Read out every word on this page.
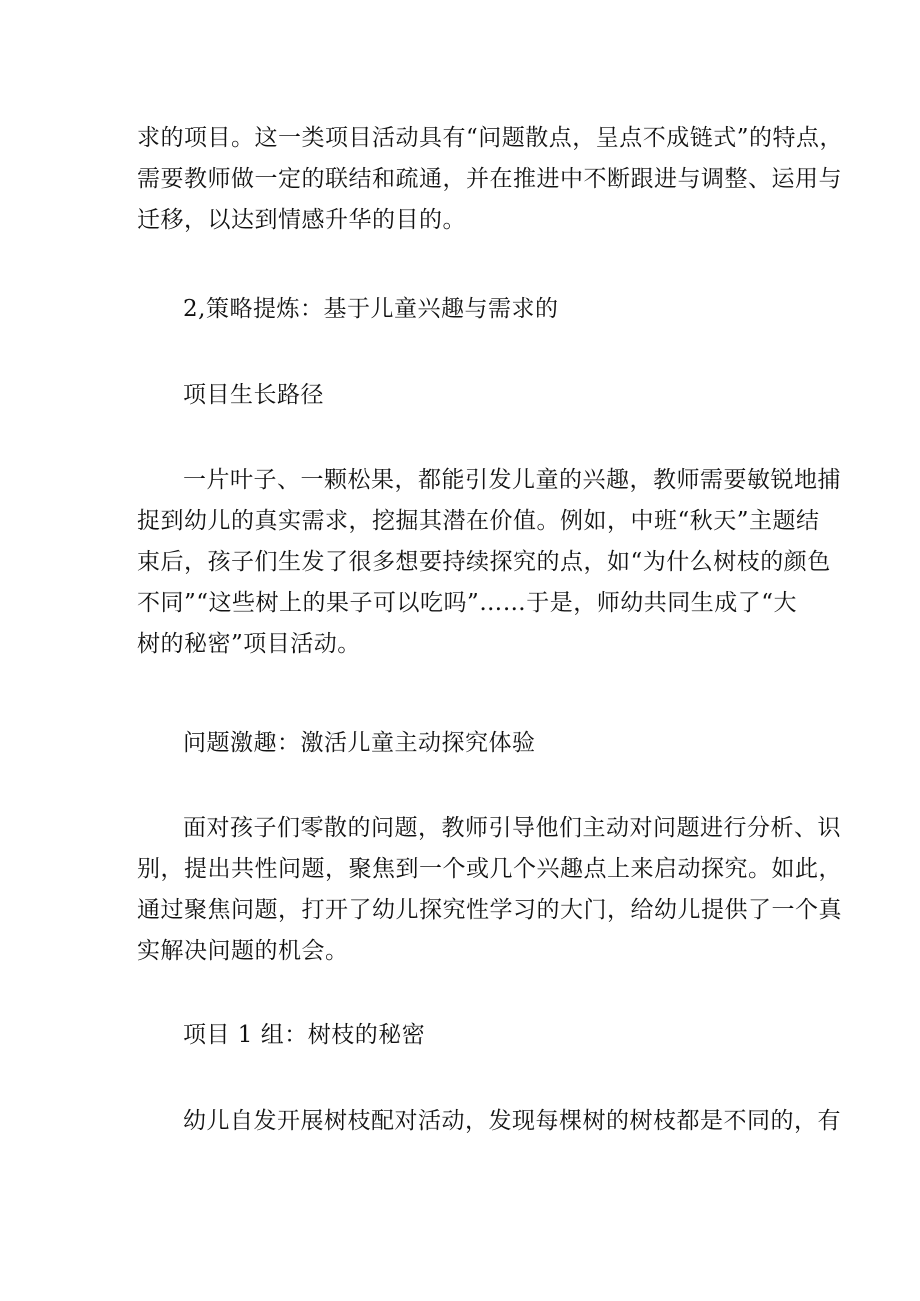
求的项目。这一类项目活动具有“问题散点，呈点不成链式”的特点，
需要教师做一定的联结和疏通，并在推进中不断跟进与调整、运用与
迁移，以达到情感升华的目的。
2,策略提炼：基于儿童兴趣与需求的
项目生长路径
一片叶子、一颗松果，都能引发儿童的兴趣，教师需要敏锐地捕
捉到幼儿的真实需求，挖掘其潜在价值。例如，中班“秋天”主题结
束后，孩子们生发了很多想要持续探究的点，如“为什么树枝的颜色
不同”“这些树上的果子可以吃吗”……于是，师幼共同生成了“大
树的秘密”项目活动。
问题激趣：激活儿童主动探究体验
面对孩子们零散的问题，教师引导他们主动对问题进行分析、识
别，提出共性问题，聚焦到一个或几个兴趣点上来启动探究。如此，
通过聚焦问题，打开了幼儿探究性学习的大门，给幼儿提供了一个真
实解决问题的机会。
项目 1 组：树枝的秘密
幼儿自发开展树枝配对活动，发现每棵树的树枝都是不同的，有
